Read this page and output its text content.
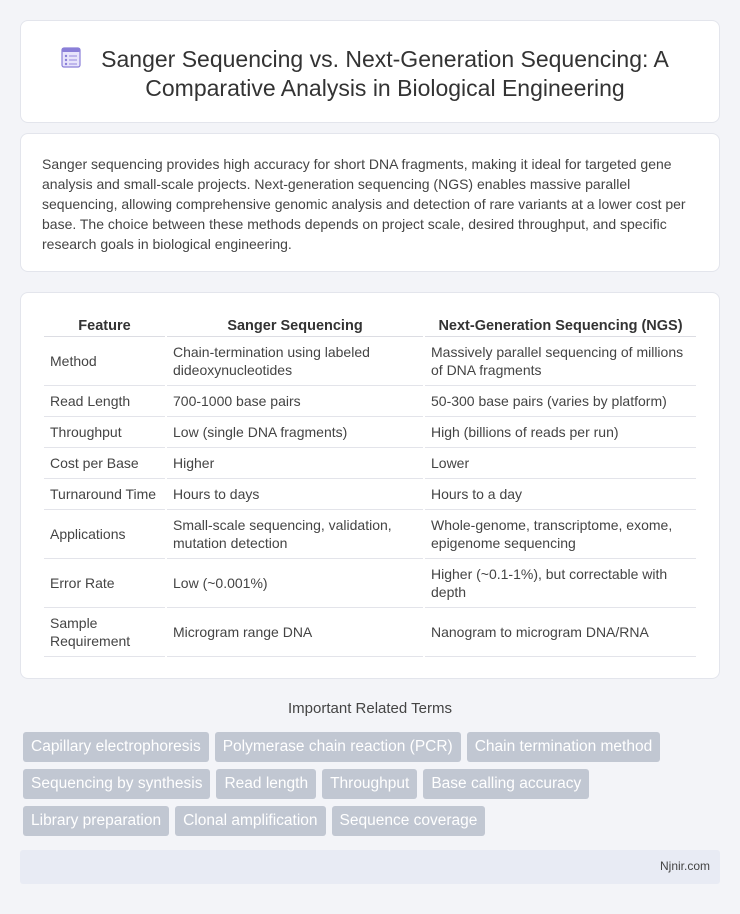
Sanger Sequencing vs. Next-Generation Sequencing: A Comparative Analysis in Biological Engineering

Sanger sequencing provides high accuracy for short DNA fragments, making it ideal for targeted gene analysis and small-scale projects. Next-generation sequencing (NGS) enables massive parallel sequencing, allowing comprehensive genomic analysis and detection of rare variants at a lower cost per base. The choice between these methods depends on project scale, desired throughput, and specific research goals in biological engineering.

Feature	Sanger Sequencing	Next-Generation Sequencing (NGS)
Method	Chain-termination using labeled dideoxynucleotides	Massively parallel sequencing of millions of DNA fragments
Read Length	700-1000 base pairs	50-300 base pairs (varies by platform)
Throughput	Low (single DNA fragments)	High (billions of reads per run)
Cost per Base	Higher	Lower
Turnaround Time	Hours to days	Hours to a day
Applications	Small-scale sequencing, validation, mutation detection	Whole-genome, transcriptome, exome, epigenome sequencing
Error Rate	Low (~0.001%)	Higher (~0.1-1%), but correctable with depth
Sample Requirement	Microgram range DNA	Nanogram to microgram DNA/RNA
Important Related Terms
Capillary electrophoresis	Polymerase chain reaction (PCR)	Chain termination method
Sequencing by synthesis	Read length	Throughput	Base calling accuracy
Library preparation	Clonal amplification	Sequence coverage
Njnir.com
